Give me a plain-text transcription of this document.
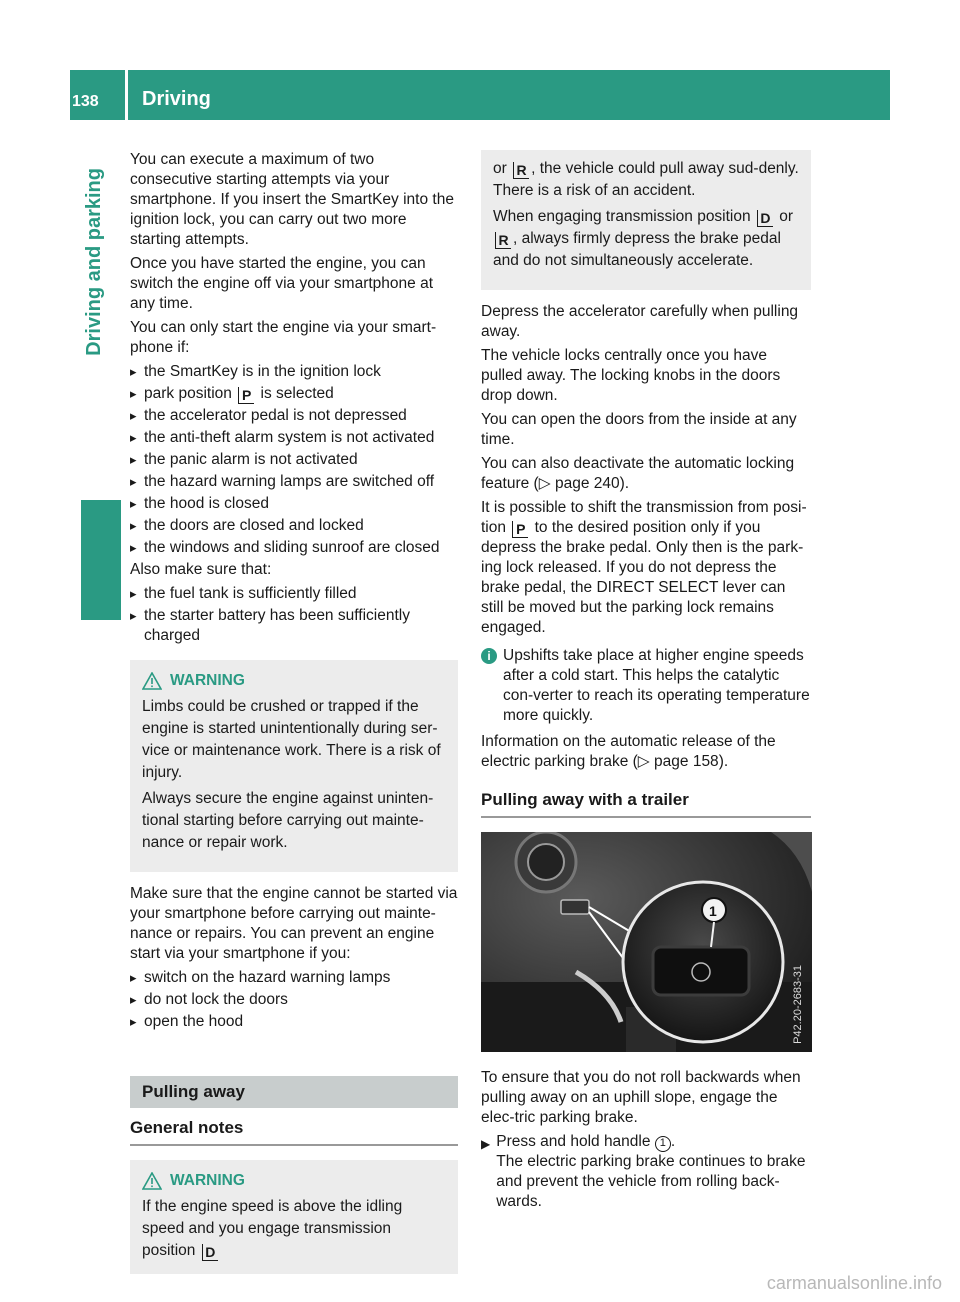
138 Driving
Driving and parking

You can execute a maximum of two consecutive starting attempts via your smartphone. If you insert the SmartKey into the ignition lock, you can carry out two more starting attempts.

Once you have started the engine, you can switch the engine off via your smartphone at any time.

You can only start the engine via your smart-phone if:

▸ the SmartKey is in the ignition lock
▸ park position P is selected
▸ the accelerator pedal is not depressed
▸ the anti-theft alarm system is not activated
▸ the panic alarm is not activated
▸ the hazard warning lamps are switched off
▸ the hood is closed
▸ the doors are closed and locked
▸ the windows and sliding sunroof are closed

Also make sure that:

▸ the fuel tank is sufficiently filled
▸ the starter battery has been sufficiently charged
WARNING

Limbs could be crushed or trapped if the engine is started unintentionally during ser-vice or maintenance work. There is a risk of injury.

Always secure the engine against uninten-tional starting before carrying out mainte-nance or repair work.

Make sure that the engine cannot be started via your smartphone before carrying out mainte-nance or repairs. You can prevent an engine start via your smartphone if you:

▸ switch on the hazard warning lamps
▸ do not lock the doors
▸ open the hood
Pulling away
General notes
WARNING

If the engine speed is above the idling speed and you engage transmission position D

or R , the vehicle could pull away sud-denly. There is a risk of an accident.

When engaging transmission position D or R , always firmly depress the brake pedal and do not simultaneously accelerate.

Depress the accelerator carefully when pulling away.

The vehicle locks centrally once you have pulled away. The locking knobs in the doors drop down.

You can open the doors from the inside at any time.

You can also deactivate the automatic locking feature (▷ page 240).

It is possible to shift the transmission from posi-tion P to the desired position only if you depress the brake pedal. Only then is the park-ing lock released. If you do not depress the brake pedal, the DIRECT SELECT lever can still be moved but the parking lock remains engaged.

i Upshifts take place at higher engine speeds after a cold start. This helps the catalytic con-verter to reach its operating temperature more quickly.

Information on the automatic release of the electric parking brake (▷ page 158).

Pulling away with a trailer
P42.20-2683-31
1

To ensure that you do not roll backwards when pulling away on an uphill slope, engage the elec-tric parking brake.

▶ Press and hold handle 1 .
The electric parking brake continues to brake and prevent the vehicle from rolling back-wards.
carmanualsonline.info
